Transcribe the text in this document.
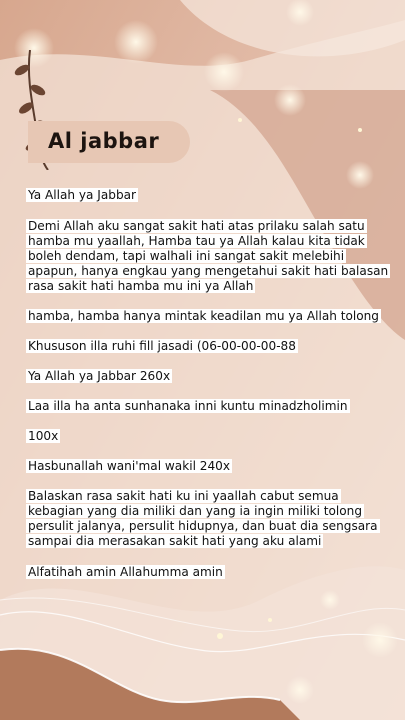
Al jabbar
Ya Allah ya Jabbar
Demi Allah aku sangat sakit hati atas prilaku salah satu hamba mu yaallah, Hamba tau ya Allah kalau kita tidak boleh dendam, tapi walhali ini sangat sakit melebihi apapun, hanya engkau yang mengetahui sakit hati balasan rasa sakit hati hamba mu ini ya Allah
hamba, hamba hanya mintak keadilan mu ya Allah tolong
Khususon illa ruhi fill jasadi (06-00-00-00-88
Ya Allah ya Jabbar 260x
Laa illa ha anta sunhanaka inni kuntu minadzholimin
100x
Hasbunallah wani'mal wakil 240x
Balaskan rasa sakit hati ku ini yaallah cabut semua kebagian yang dia miliki dan yang ia ingin miliki tolong persulit jalanya, persulit hidupnya, dan buat dia sengsara sampai dia merasakan sakit hati yang aku alami
Alfatihah amin Allahumma amin
